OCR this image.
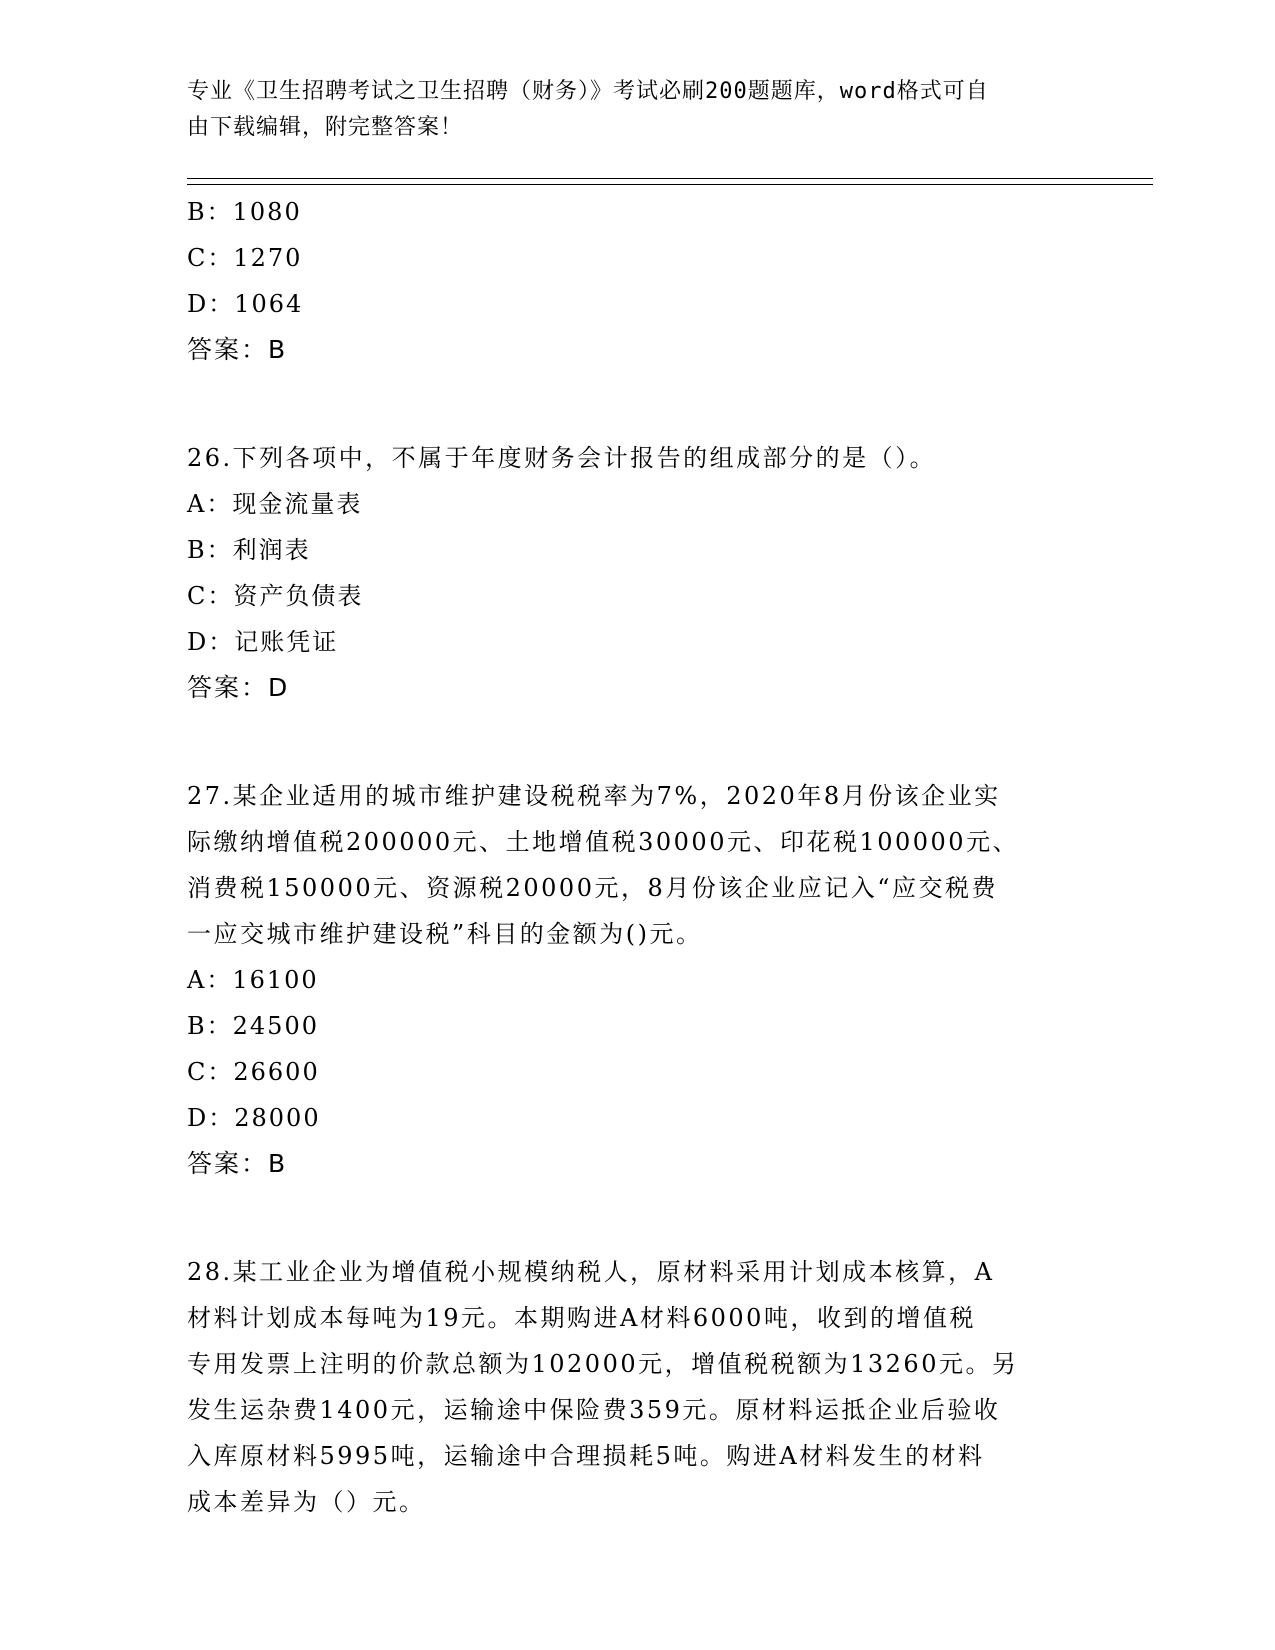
专业《卫生招聘考试之卫生招聘（财务）》考试必刷200题题库，word格式可自
由下载编辑，附完整答案！
B：1080
C：1270
D：1064
答案：B
26.下列各项中，不属于年度财务会计报告的组成部分的是（）。
A：现金流量表
B：利润表
C：资产负债表
D：记账凭证
答案：D
27.某企业适用的城市维护建设税税率为7%，2020年8月份该企业实
际缴纳增值税200000元、土地增值税30000元、印花税100000元、
消费税150000元、资源税20000元，8月份该企业应记入“应交税费
一应交城市维护建设税”科目的金额为()元。
A：16100
B：24500
C：26600
D：28000
答案：B
28.某工业企业为增值税小规模纳税人，原材料采用计划成本核算，A
材料计划成本每吨为19元。本期购进A材料6000吨，收到的增值税
专用发票上注明的价款总额为102000元，增值税税额为13260元。另
发生运杂费1400元，运输途中保险费359元。原材料运抵企业后验收
入库原材料5995吨，运输途中合理损耗5吨。购进A材料发生的材料
成本差异为（）元。
